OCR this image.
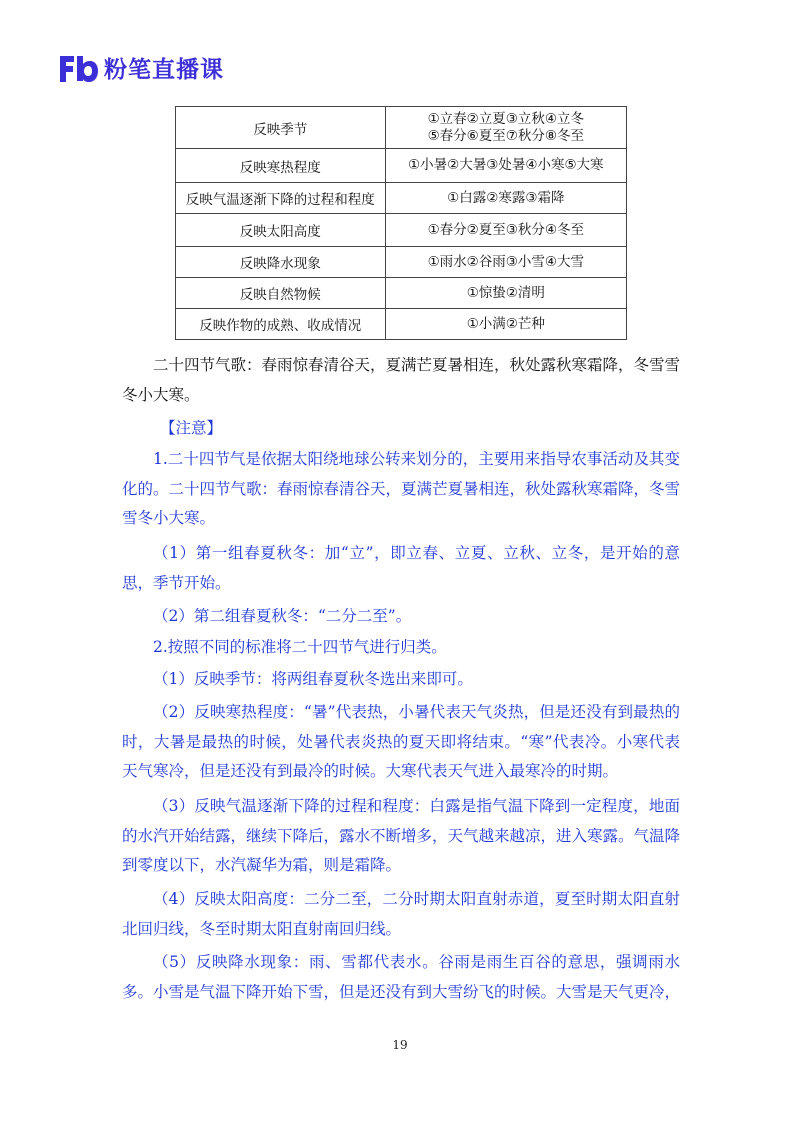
粉笔直播课
反映季节	①立春②立夏③立秋④立冬
⑤春分⑥夏至⑦秋分⑧冬至

反映寒热程度	①小暑②大暑③处暑④小寒⑤大寒
反映气温逐渐下降的过程和程度	①白露②寒露③霜降
反映太阳高度	①春分②夏至③秋分④冬至
反映降水现象	①雨水②谷雨③小雪④大雪
反映自然物候	①惊蛰②清明
反映作物的成熟、收成情况	①小满②芒种
二十四节气歌：春雨惊春清谷天，夏满芒夏暑相连，秋处露秋寒霜降，冬雪雪冬小大寒。
【注意】
1.二十四节气是依据太阳绕地球公转来划分的，主要用来指导农事活动及其变化的。二十四节气歌：春雨惊春清谷天，夏满芒夏暑相连，秋处露秋寒霜降，冬雪雪冬小大寒。
（1）第一组春夏秋冬：加“立”，即立春、立夏、立秋、立冬，是开始的意思，季节开始。
（2）第二组春夏秋冬：“二分二至”。
2.按照不同的标准将二十四节气进行归类。
（1）反映季节：将两组春夏秋冬选出来即可。
（2）反映寒热程度：“暑”代表热，小暑代表天气炎热，但是还没有到最热的时，大暑是最热的时候，处暑代表炎热的夏天即将结束。“寒”代表冷。小寒代表天气寒冷，但是还没有到最冷的时候。大寒代表天气进入最寒冷的时期。
（3）反映气温逐渐下降的过程和程度：白露是指气温下降到一定程度，地面的水汽开始结露，继续下降后，露水不断增多，天气越来越凉，进入寒露。气温降到零度以下，水汽凝华为霜，则是霜降。
（4）反映太阳高度：二分二至，二分时期太阳直射赤道，夏至时期太阳直射北回归线，冬至时期太阳直射南回归线。
（5）反映降水现象：雨、雪都代表水。谷雨是雨生百谷的意思，强调雨水多。小雪是气温下降开始下雪，但是还没有到大雪纷飞的时候。大雪是天气更冷，
19
